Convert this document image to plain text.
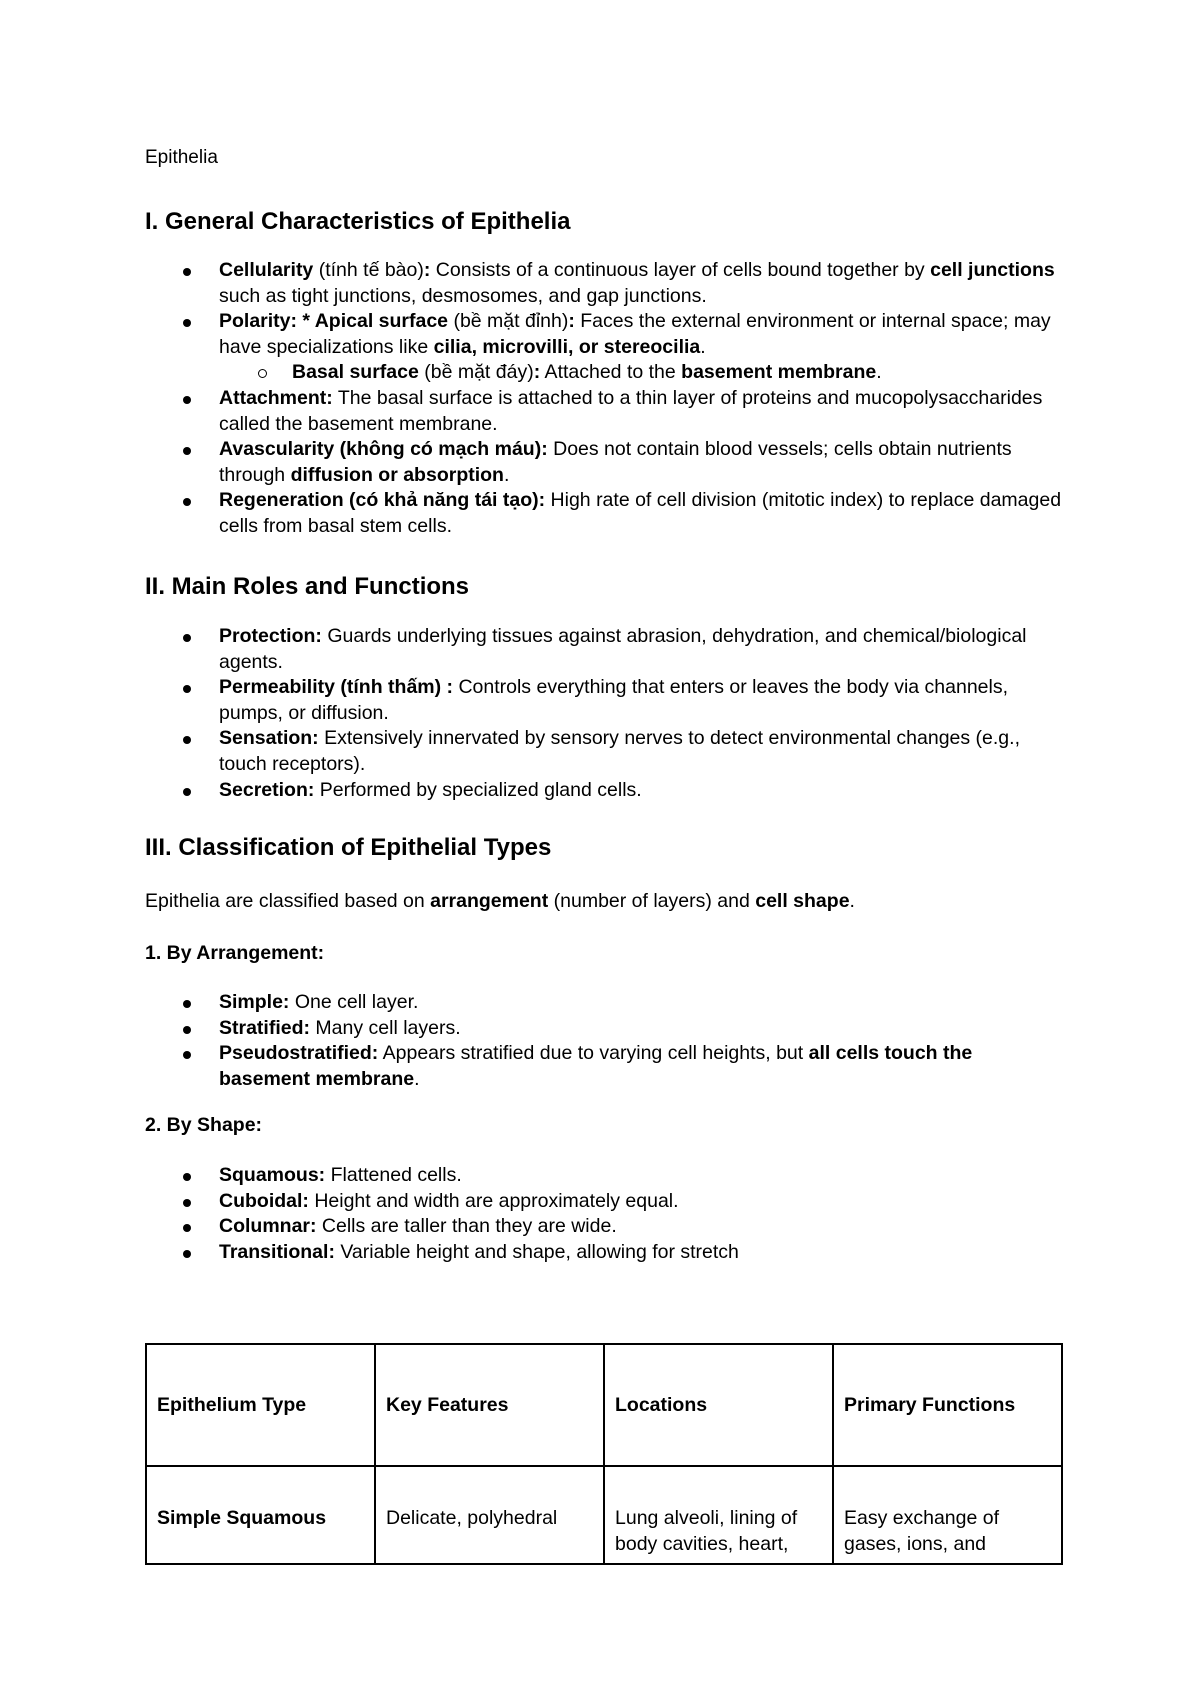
Epithelia
I. General Characteristics of Epithelia
Cellularity (tính tế bào): Consists of a continuous layer of cells bound together by cell junctions such as tight junctions, desmosomes, and gap junctions.
Polarity: * Apical surface (bề mặt đỉnh): Faces the external environment or internal space; may have specializations like cilia, microvilli, or stereocilia.
Basal surface (bề mặt đáy): Attached to the basement membrane.
Attachment: The basal surface is attached to a thin layer of proteins and mucopolysaccharides called the basement membrane.
Avascularity (không có mạch máu): Does not contain blood vessels; cells obtain nutrients through diffusion or absorption.
Regeneration (có khả năng tái tạo): High rate of cell division (mitotic index) to replace damaged cells from basal stem cells.
II. Main Roles and Functions
Protection: Guards underlying tissues against abrasion, dehydration, and chemical/biological agents.
Permeability (tính thấm) : Controls everything that enters or leaves the body via channels, pumps, or diffusion.
Sensation: Extensively innervated by sensory nerves to detect environmental changes (e.g., touch receptors).
Secretion: Performed by specialized gland cells.
III. Classification of Epithelial Types
Epithelia are classified based on arrangement (number of layers) and cell shape.
1. By Arrangement:
Simple: One cell layer.
Stratified: Many cell layers.
Pseudostratified: Appears stratified due to varying cell heights, but all cells touch the basement membrane.
2. By Shape:
Squamous: Flattened cells.
Cuboidal: Height and width are approximately equal.
Columnar: Cells are taller than they are wide.
Transitional: Variable height and shape, allowing for stretch
Epithelium Type	Key Features	Locations	Primary Functions
Simple Squamous	Delicate, polyhedral	Lung alveoli, lining of body cavities, heart,	Easy exchange of gases, ions, and
